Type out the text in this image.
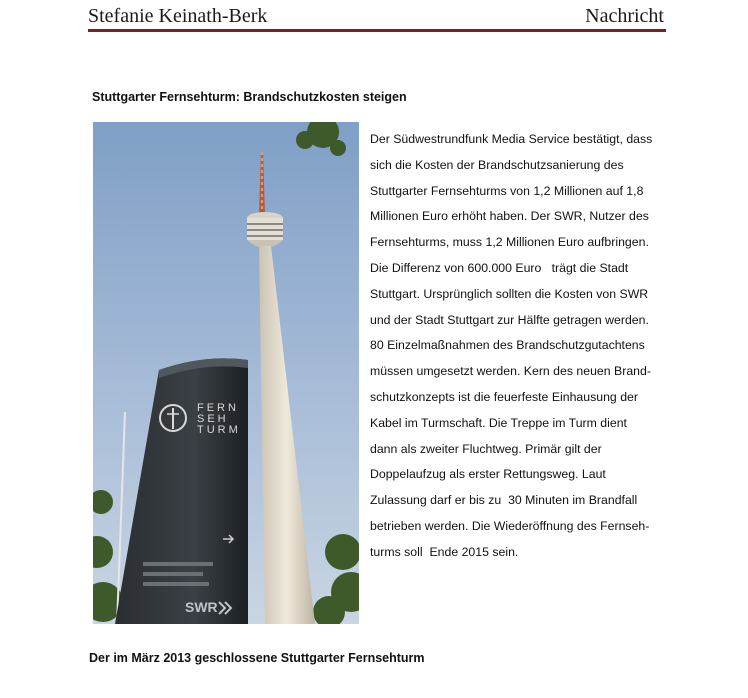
Stefanie Keinath-Berk	Nachricht
Stuttgarter Fernsehturm: Brandschutzkosten steigen
FERN
SEH
TURM
SWR
Der Südwestrundfunk Media Service bestätigt, dass
sich die Kosten der Brandschutzsanierung des
Stuttgarter Fernsehturms von 1,2 Millionen auf 1,8
Millionen Euro erhöht haben. Der SWR, Nutzer des
Fernsehturms, muss 1,2 Millionen Euro aufbringen.
Die Differenz von 600.000 Euro   trägt die Stadt
Stuttgart. Ursprünglich sollten die Kosten von SWR
und der Stadt Stuttgart zur Hälfte getragen werden.
80 Einzelmaßnahmen des Brandschutzgutachtens
müssen umgesetzt werden. Kern des neuen Brand-
schutzkonzepts ist die feuerfeste Einhausung der
Kabel im Turmschaft. Die Treppe im Turm dient
dann als zweiter Fluchtweg. Primär gilt der
Doppelaufzug als erster Rettungsweg. Laut
Zulassung darf er bis zu  30 Minuten im Brandfall
betrieben werden. Die Wiederöffnung des Fernseh-
turms soll  Ende 2015 sein.
Der im März 2013 geschlossene Stuttgarter Fernsehturm
